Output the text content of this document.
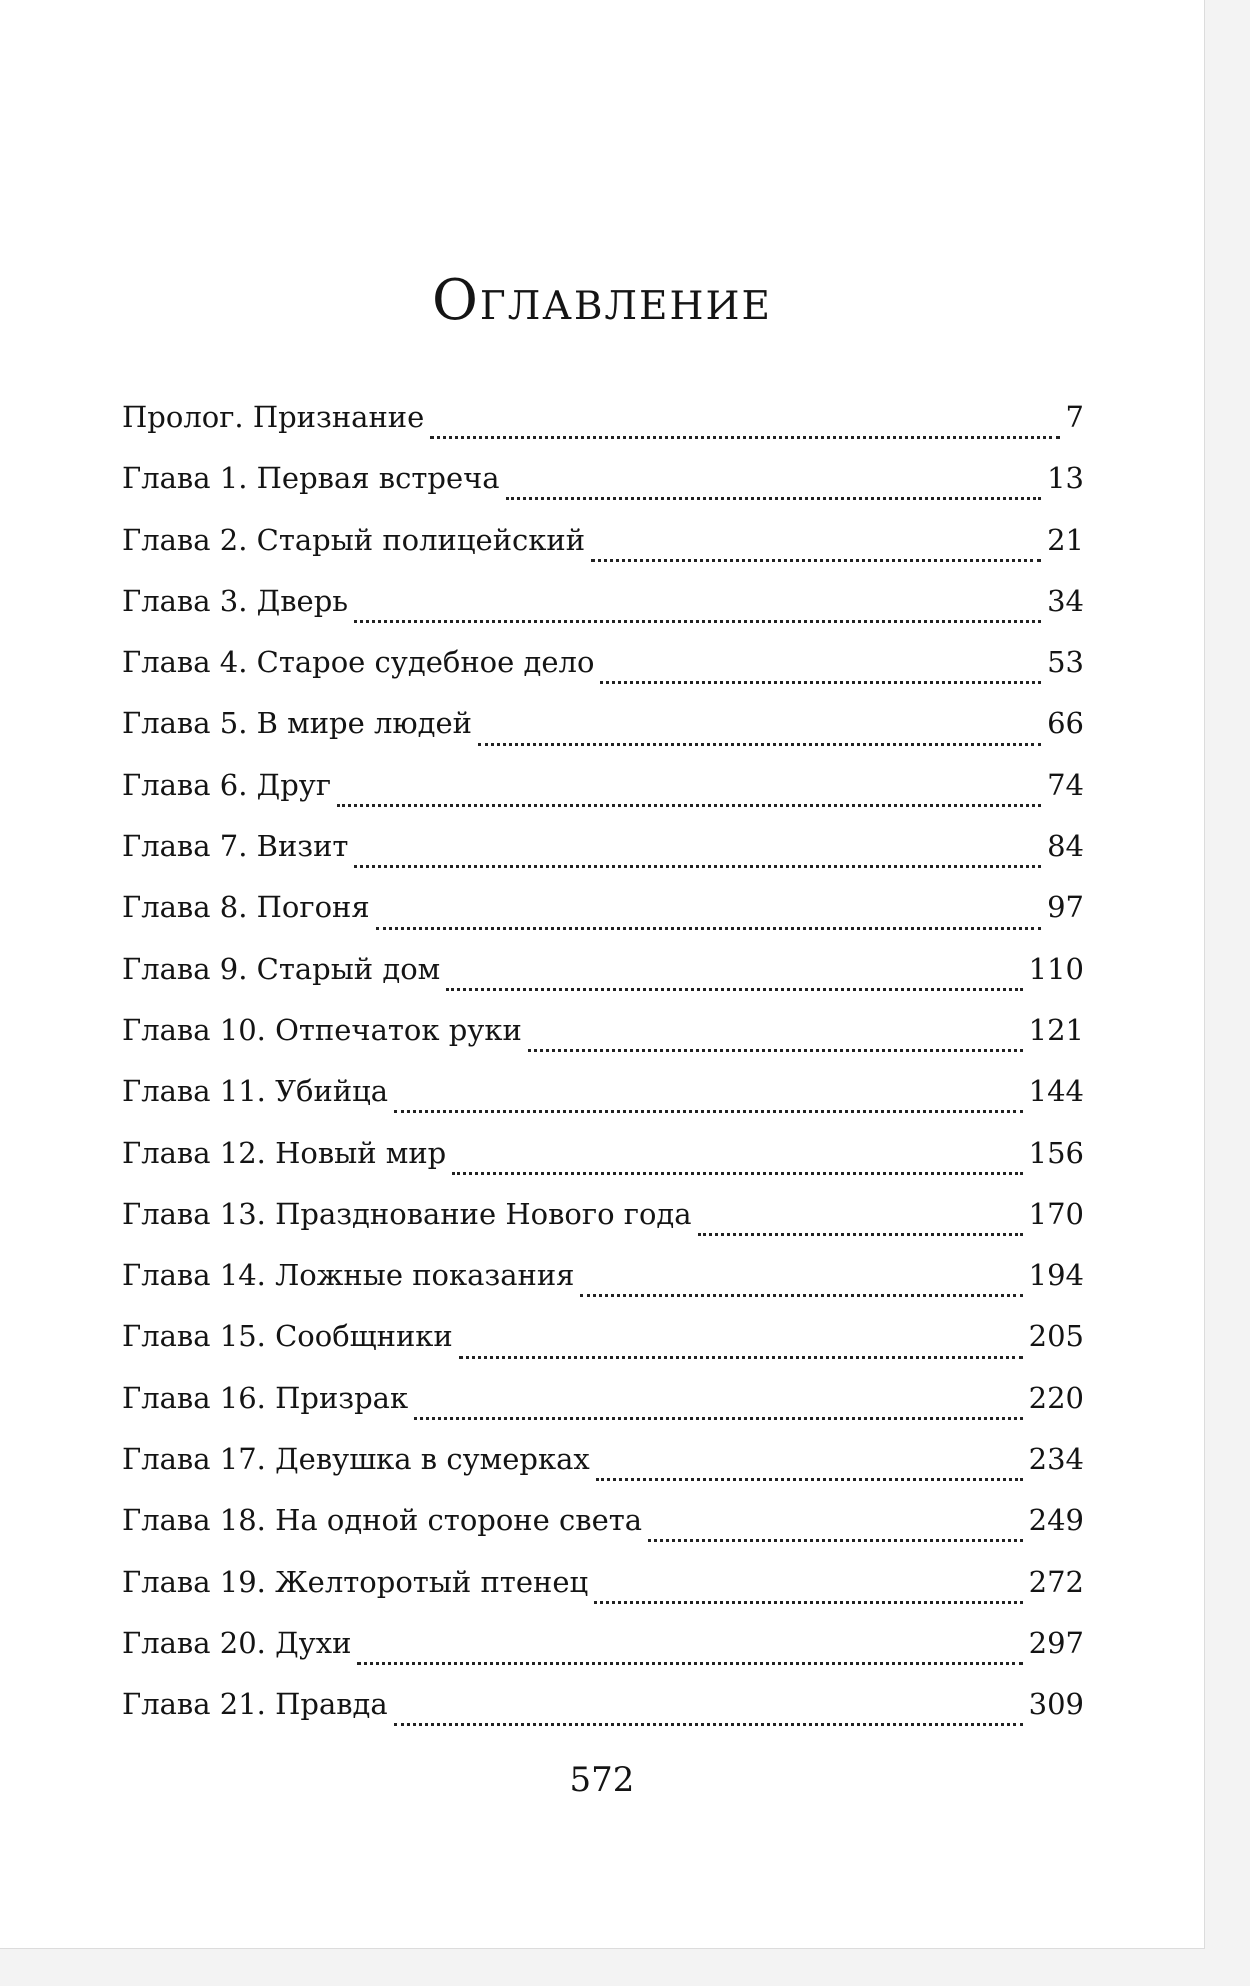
Оглавление
Пролог. Признание	7
Глава 1. Первая встреча	13
Глава 2. Старый полицейский	21
Глава 3. Дверь	34
Глава 4. Старое судебное дело	53
Глава 5. В мире людей	66
Глава 6. Друг	74
Глава 7. Визит	84
Глава 8. Погоня	97
Глава 9. Старый дом	110
Глава 10. Отпечаток руки	121
Глава 11. Убийца	144
Глава 12. Новый мир	156
Глава 13. Празднование Нового года	170
Глава 14. Ложные показания	194
Глава 15. Сообщники	205
Глава 16. Призрак	220
Глава 17. Девушка в сумерках	234
Глава 18. На одной стороне света	249
Глава 19. Желторотый птенец	272
Глава 20. Духи	297
Глава 21. Правда	309
572
